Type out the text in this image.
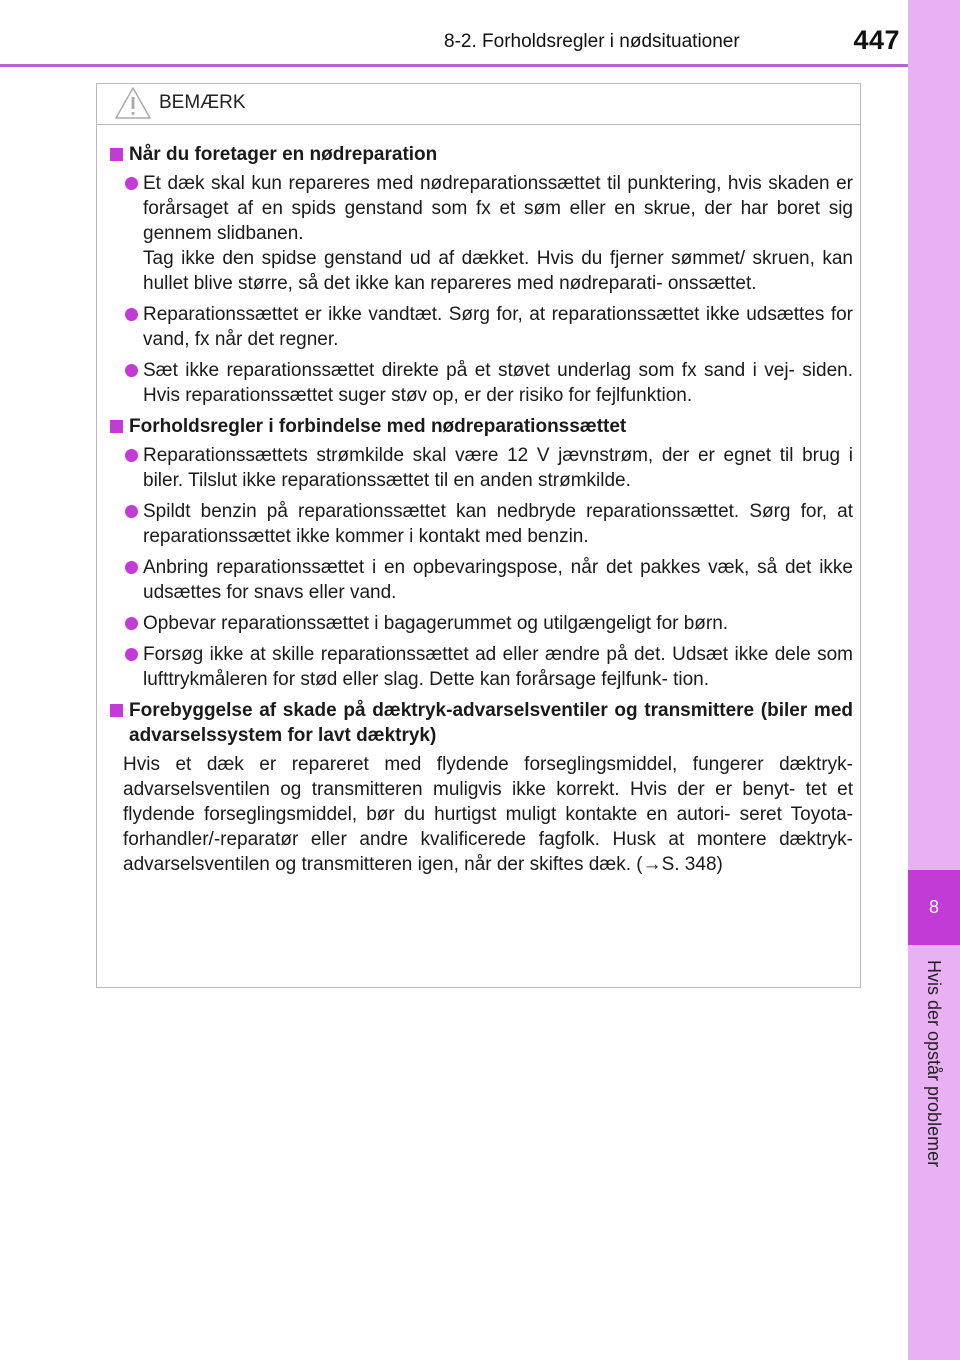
8-2. Forholdsregler i nødsituationer	447
8
Hvis der opstår problemer
BEMÆRK
Når du foretager en nødreparation
Et dæk skal kun repareres med nødreparationssættet til punktering, hvis skaden er forårsaget af en spids genstand som fx et søm eller en skrue, der har boret sig gennem slidbanen.
Tag ikke den spidse genstand ud af dækket. Hvis du fjerner sømmet/ skruen, kan hullet blive større, så det ikke kan repareres med nødreparati- onssættet.
Reparationssættet er ikke vandtæt. Sørg for, at reparationssættet ikke udsættes for vand, fx når det regner.
Sæt ikke reparationssættet direkte på et støvet underlag som fx sand i vej- siden. Hvis reparationssættet suger støv op, er der risiko for fejlfunktion.
Forholdsregler i forbindelse med nødreparationssættet
Reparationssættets strømkilde skal være 12 V jævnstrøm, der er egnet til brug i biler. Tilslut ikke reparationssættet til en anden strømkilde.
Spildt benzin på reparationssættet kan nedbryde reparationssættet. Sørg for, at reparationssættet ikke kommer i kontakt med benzin.
Anbring reparationssættet i en opbevaringspose, når det pakkes væk, så det ikke udsættes for snavs eller vand.
Opbevar reparationssættet i bagagerummet og utilgængeligt for børn.
Forsøg ikke at skille reparationssættet ad eller ændre på det. Udsæt ikke dele som lufttrykmåleren for stød eller slag. Dette kan forårsage fejlfunk- tion.
Forebyggelse af skade på dæktryk-advarselsventiler og transmittere (biler med advarselssystem for lavt dæktryk)
Hvis et dæk er repareret med flydende forseglingsmiddel, fungerer dæktryk- advarselsventilen og transmitteren muligvis ikke korrekt. Hvis der er benyt- tet et flydende forseglingsmiddel, bør du hurtigst muligt kontakte en autori- seret Toyota-forhandler/-reparatør eller andre kvalificerede fagfolk. Husk at montere dæktryk-advarselsventilen og transmitteren igen, når der skiftes dæk. (→S. 348)
